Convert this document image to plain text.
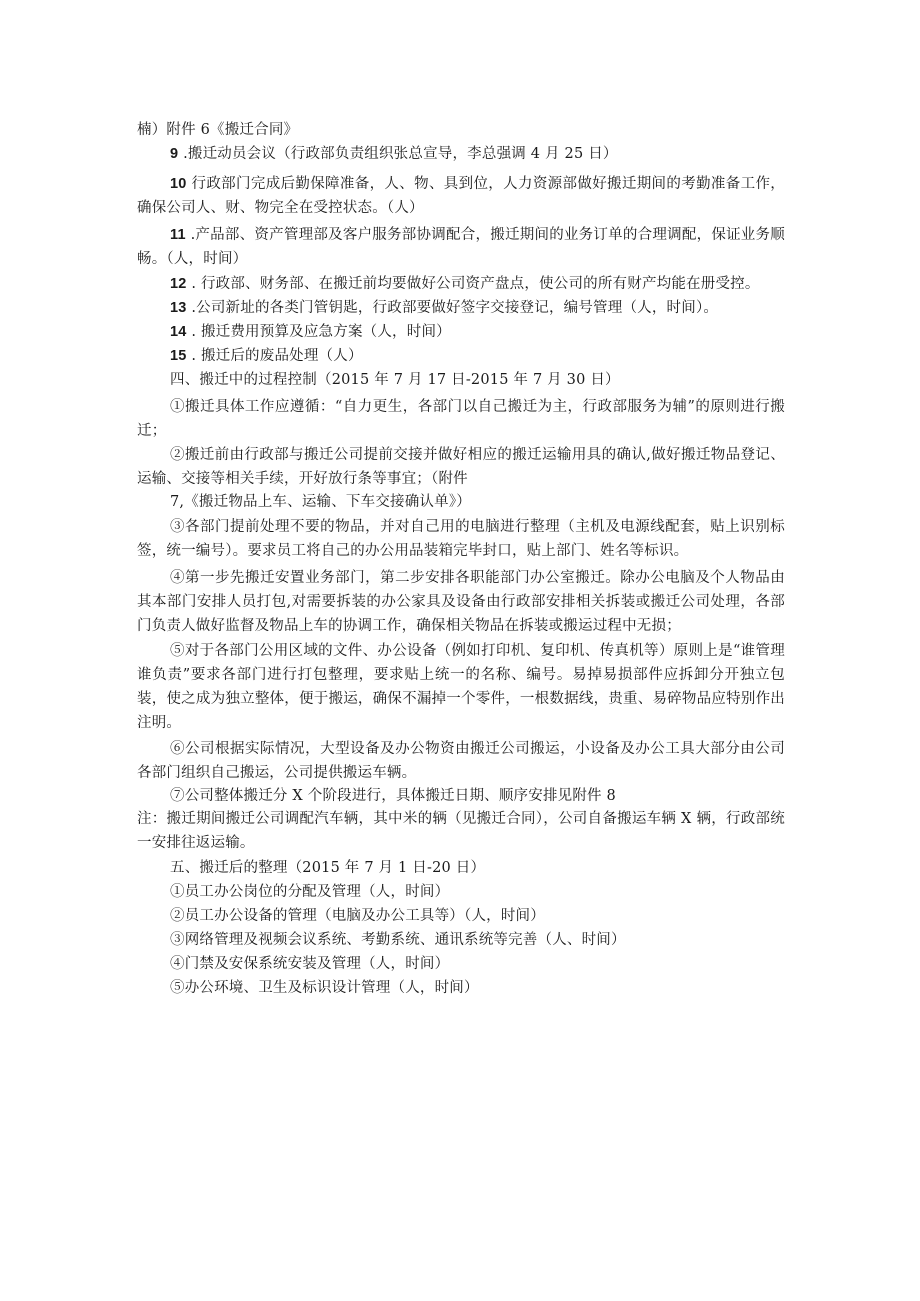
楠）附件 6《搬迁合同》
9 .搬迁动员会议（行政部负责组织张总宣导，李总强调 4 月 25 日）
10 行政部门完成后勤保障准备，人、物、具到位，人力资源部做好搬迁期间的考勤准备工作，确保公司人、财、物完全在受控状态。（人）
11 .产品部、资产管理部及客户服务部协调配合，搬迁期间的业务订单的合理调配，保证业务顺畅。（人，时间）
12 . 行政部、财务部、在搬迁前均要做好公司资产盘点，使公司的所有财产均能在册受控。
13 .公司新址的各类门管钥匙，行政部要做好签字交接登记，编号管理（人，时间）。
14 . 搬迁费用预算及应急方案（人，时间）
15 . 搬迁后的废品处理（人）
四、搬迁中的过程控制（2015 年 7 月 17 日-2015 年 7 月 30 日）
①搬迁具体工作应遵循：“自力更生，各部门以自己搬迁为主，行政部服务为辅”的原则进行搬迁；
②搬迁前由行政部与搬迁公司提前交接并做好相应的搬迁运输用具的确认,做好搬迁物品登记、运输、交接等相关手续，开好放行条等事宜；（附件
7,《搬迁物品上车、运输、下车交接确认单》）
③各部门提前处理不要的物品，并对自己用的电脑进行整理（主机及电源线配套，贴上识别标签，统一编号）。要求员工将自己的办公用品装箱完毕封口，贴上部门、姓名等标识。
④第一步先搬迁安置业务部门，第二步安排各职能部门办公室搬迁。除办公电脑及个人物品由其本部门安排人员打包,对需要拆装的办公家具及设备由行政部安排相关拆装或搬迁公司处理，各部门负责人做好监督及物品上车的协调工作，确保相关物品在拆装或搬运过程中无损；
⑤对于各部门公用区域的文件、办公设备（例如打印机、复印机、传真机等）原则上是“谁管理谁负责”要求各部门进行打包整理，要求贴上统一的名称、编号。易掉易损部件应拆卸分开独立包装，使之成为独立整体，便于搬运，确保不漏掉一个零件，一根数据线，贵重、易碎物品应特别作出注明。
⑥公司根据实际情况，大型设备及办公物资由搬迁公司搬运，小设备及办公工具大部分由公司各部门组织自己搬运，公司提供搬运车辆。
⑦公司整体搬迁分 X 个阶段进行，具体搬迁日期、顺序安排见附件 8
注：搬迁期间搬迁公司调配汽车辆，其中米的辆（见搬迁合同），公司自备搬运车辆 X 辆，行政部统一安排往返运输。
五、搬迁后的整理（2015 年 7 月 1 日-20 日）
①员工办公岗位的分配及管理（人，时间）
②员工办公设备的管理（电脑及办公工具等）（人，时间）
③网络管理及视频会议系统、考勤系统、通讯系统等完善（人、时间）
④门禁及安保系统安装及管理（人，时间）
⑤办公环境、卫生及标识设计管理（人，时间）
